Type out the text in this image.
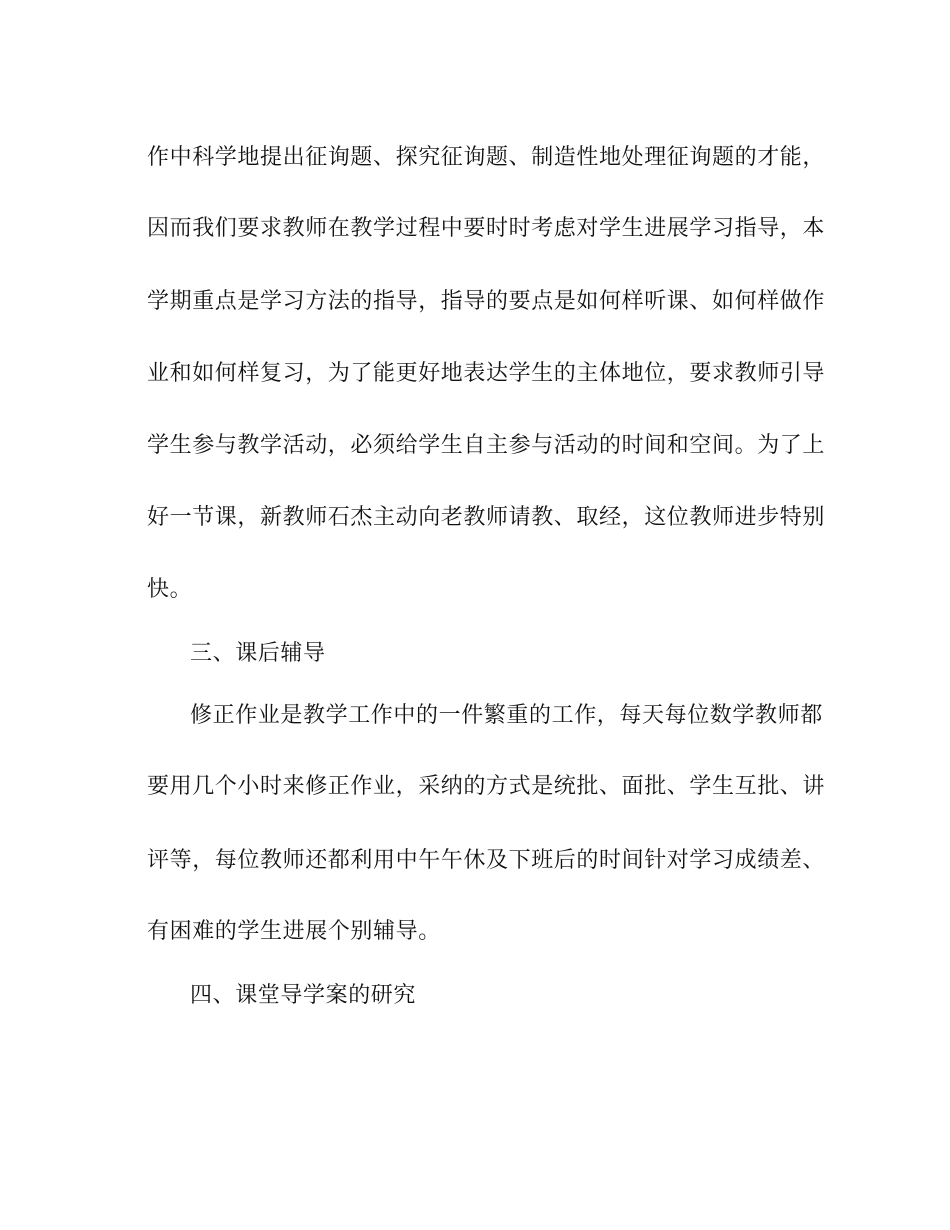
作中科学地提出征询题、探究征询题、制造性地处理征询题的才能，
因而我们要求教师在教学过程中要时时考虑对学生进展学习指导，本
学期重点是学习方法的指导，指导的要点是如何样听课、如何样做作
业和如何样复习，为了能更好地表达学生的主体地位，要求教师引导
学生参与教学活动，必须给学生自主参与活动的时间和空间。为了上
好一节课，新教师石杰主动向老教师请教、取经，这位教师进步特别
快。
三、课后辅导
修正作业是教学工作中的一件繁重的工作，每天每位数学教师都
要用几个小时来修正作业，采纳的方式是统批、面批、学生互批、讲
评等，每位教师还都利用中午午休及下班后的时间针对学习成绩差、
有困难的学生进展个别辅导。
四、课堂导学案的研究
